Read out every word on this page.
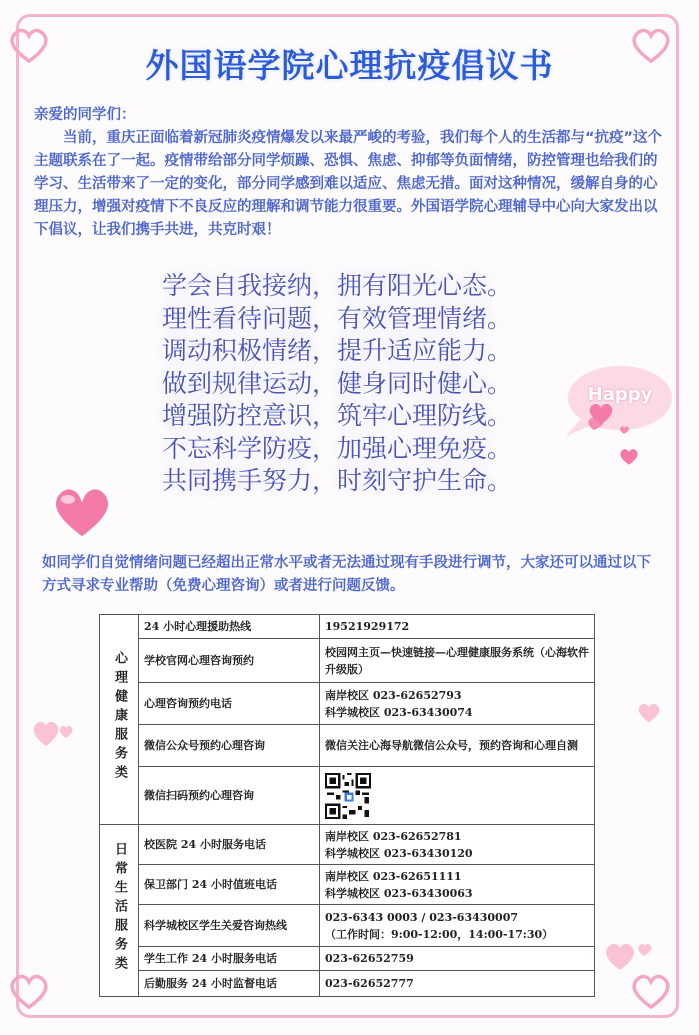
外国语学院心理抗疫倡议书

亲爱的同学们：

当前，重庆正面临着新冠肺炎疫情爆发以来最严峻的考验，我们每个人的生活都与“抗疫”这个主题联系在了一起。疫情带给部分同学烦躁、恐惧、焦虑、抑郁等负面情绪，防控管理也给我们的学习、生活带来了一定的变化，部分同学感到难以适应、焦虑无措。面对这种情况，缓解自身的心理压力，增强对疫情下不良反应的理解和调节能力很重要。外国语学院心理辅导中心向大家发出以下倡议，让我们携手共进，共克时艰！

学会自我接纳，拥有阳光心态。
理性看待问题，有效管理情绪。
调动积极情绪，提升适应能力。
做到规律运动，健身同时健心。
增强防控意识，筑牢心理防线。
不忘科学防疫，加强心理免疫。
共同携手努力，时刻守护生命。
Happy
如同学们自觉情绪问题已经超出正常水平或者无法通过现有手段进行调节，大家还可以通过以下方式寻求专业帮助（免费心理咨询）或者进行问题反馈。
心理健康服务类	24 小时心理援助热线	19521929172

	学校官网心理咨询预约	校园网主页—快速链接—心理健康服务系统（心海软件升级版）

	心理咨询预约电话	南岸校区 023-62652793
科学城校区 023-63430074

	微信公众号预约心理咨询	微信关注心海导航微信公众号，预约咨询和心理自测

	微信扫码预约心理咨询	

日常生活服务类	校医院 24 小时服务电话	南岸校区 023-62652781
科学城校区 023-63430120

	保卫部门 24 小时值班电话	南岸校区 023-62651111
科学城校区 023-63430063

	科学城校区学生关爱咨询热线	023-6343 0003 / 023-63430007
（工作时间：9:00-12:00，14:00-17:30）

	学生工作 24 小时服务电话	023-62652759

	后勤服务 24 小时监督电话	023-62652777
